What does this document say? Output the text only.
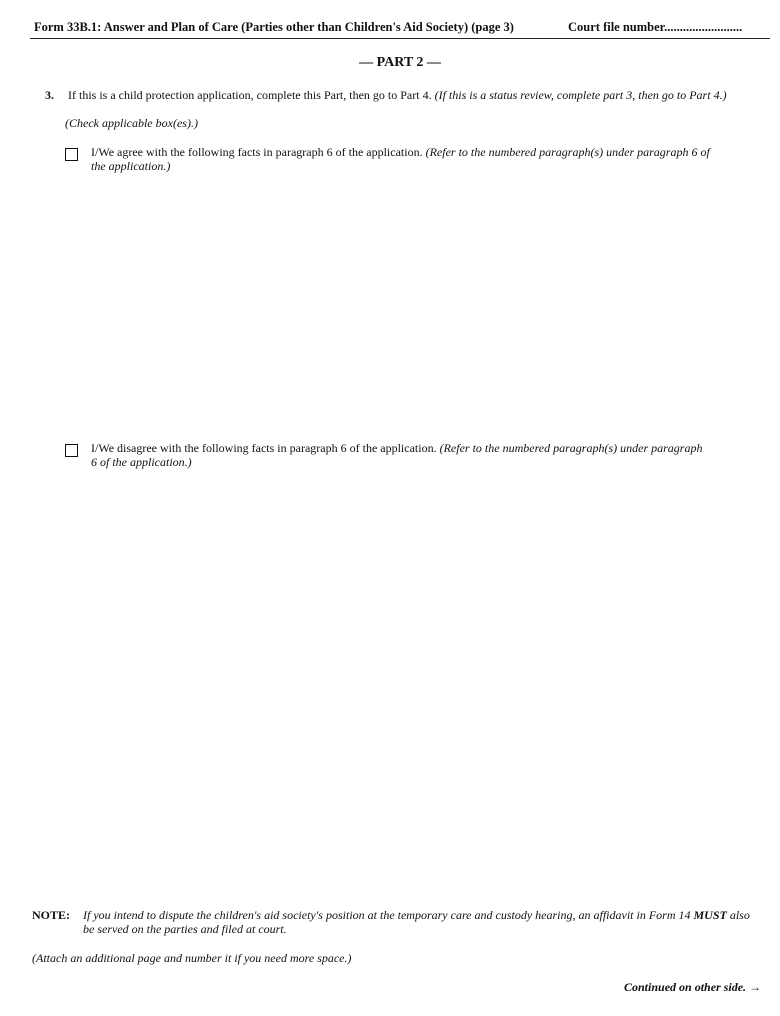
Form 33B.1: Answer and Plan of Care (Parties other than Children's Aid Society) (page 3)	Court file number.........................
— PART 2 —
3. If this is a child protection application, complete this Part, then go to Part 4. (If this is a status review, complete part 3, then go to Part 4.)
(Check applicable box(es).)
I/We agree with the following facts in paragraph 6 of the application. (Refer to the numbered paragraph(s) under paragraph 6 of the application.)
I/We disagree with the following facts in paragraph 6 of the application. (Refer to the numbered paragraph(s) under paragraph 6 of the application.)
NOTE: If you intend to dispute the children's aid society's position at the temporary care and custody hearing, an affidavit in Form 14 MUST also be served on the parties and filed at court.
(Attach an additional page and number it if you need more space.)
Continued on other side. →
